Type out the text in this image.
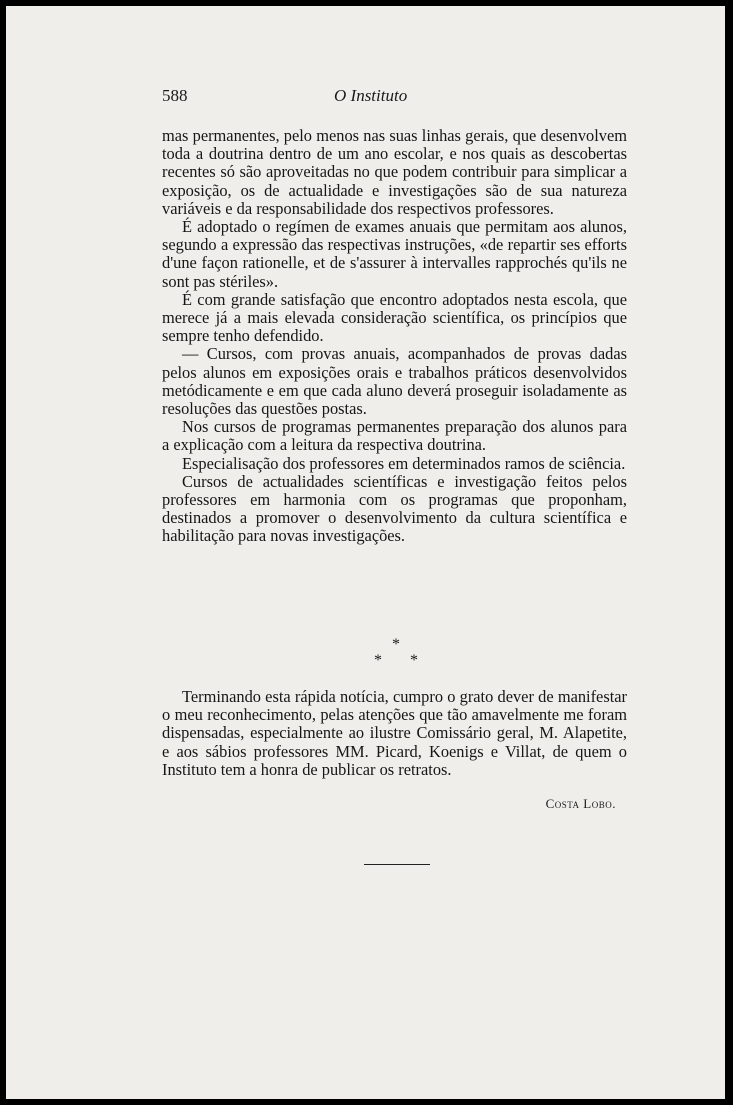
588	O Instituto

mas permanentes, pelo menos nas suas linhas gerais, que desenvolvem toda a doutrina dentro de um ano escolar, e nos quais as descobertas recentes só são aproveitadas no que podem contribuir para simplicar a exposição, os de actualidade e investigações são de sua natureza variáveis e da responsabilidade dos respectivos professores.

É adoptado o regímen de exames anuais que permitam aos alunos, segundo a expressão das respectivas instruções, «de repartir ses efforts d'une façon rationelle, et de s'assurer à intervalles rapprochés qu'ils ne sont pas stériles».

É com grande satisfação que encontro adoptados nesta escola, que merece já a mais elevada consideração scientífica, os princípios que sempre tenho defendido.

— Cursos, com provas anuais, acompanhados de provas dadas pelos alunos em exposições orais e trabalhos práticos desenvolvidos metódicamente e em que cada aluno deverá proseguir isoladamente as resoluções das questões postas.

Nos cursos de programas permanentes preparação dos alunos para a explicação com a leitura da respectiva doutrina.

Especialisação dos professores em determinados ramos de sciência.

Cursos de actualidades scientíficas e investigação feitos pelos professores em harmonia com os programas que proponham, destinados a promover o desenvolvimento da cultura scientífica e habilitação para novas investigações.

*
* *

Terminando esta rápida notícia, cumpro o grato dever de manifestar o meu reconhecimento, pelas atenções que tão amavelmente me foram dispensadas, especialmente ao ilustre Comissário geral, M. Alapetite, e aos sábios professores MM. Picard, Koenigs e Villat, de quem o Instituto tem a honra de publicar os retratos.

Costa Lobo.
